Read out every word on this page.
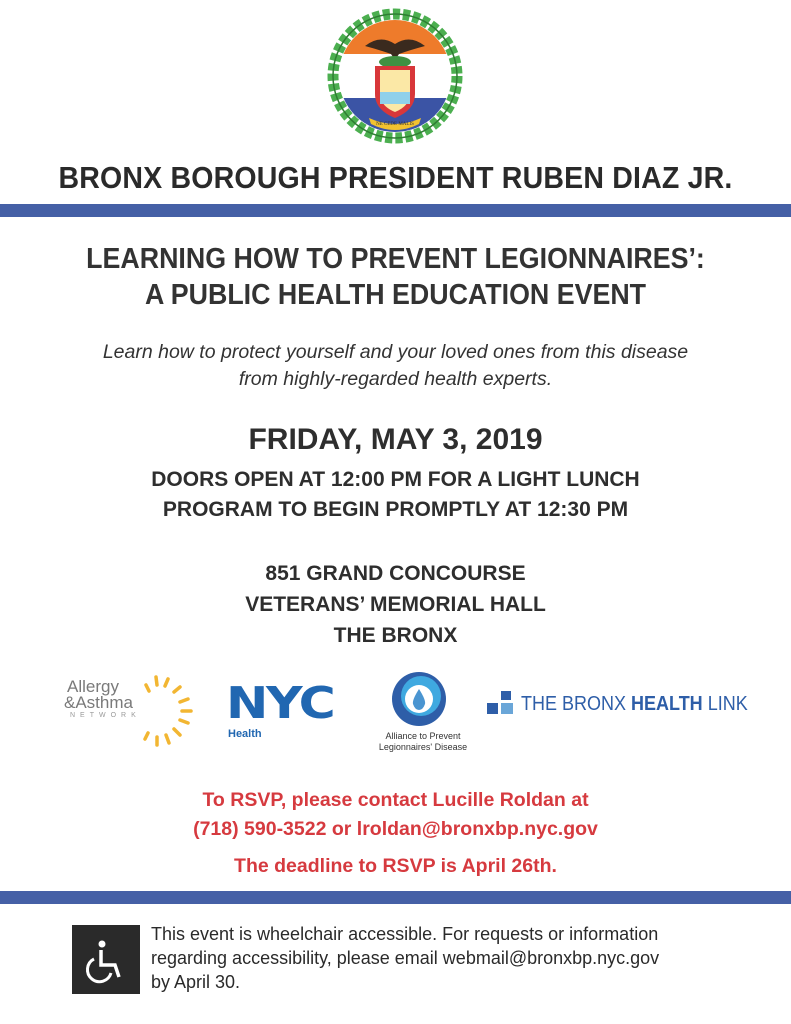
NE CEDE MALIS
BRONX BOROUGH PRESIDENT RUBEN DIAZ JR.
LEARNING HOW TO PREVENT LEGIONNAIRES’:
A PUBLIC HEALTH EDUCATION EVENT
Learn how to protect yourself and your loved ones from this disease
from highly-regarded health experts.
FRIDAY, MAY 3, 2019
DOORS OPEN AT 12:00 PM FOR A LIGHT LUNCH
PROGRAM TO BEGIN PROMPTLY AT 12:30 PM
851 GRAND CONCOURSE
VETERANS’ MEMORIAL HALL
THE BRONX
Allergy
&Asthma
NETWORK NYC
Health	Alliance to Prevent
Legionnaires' Disease
THE BRONX HEALTH LINK
To RSVP, please contact Lucille Roldan at
(718) 590-3522 or lroldan@bronxbp.nyc.gov
The deadline to RSVP is April 26th.
This event is wheelchair accessible. For requests or information
regarding accessibility, please email webmail@bronxbp.nyc.gov
by April 30.
